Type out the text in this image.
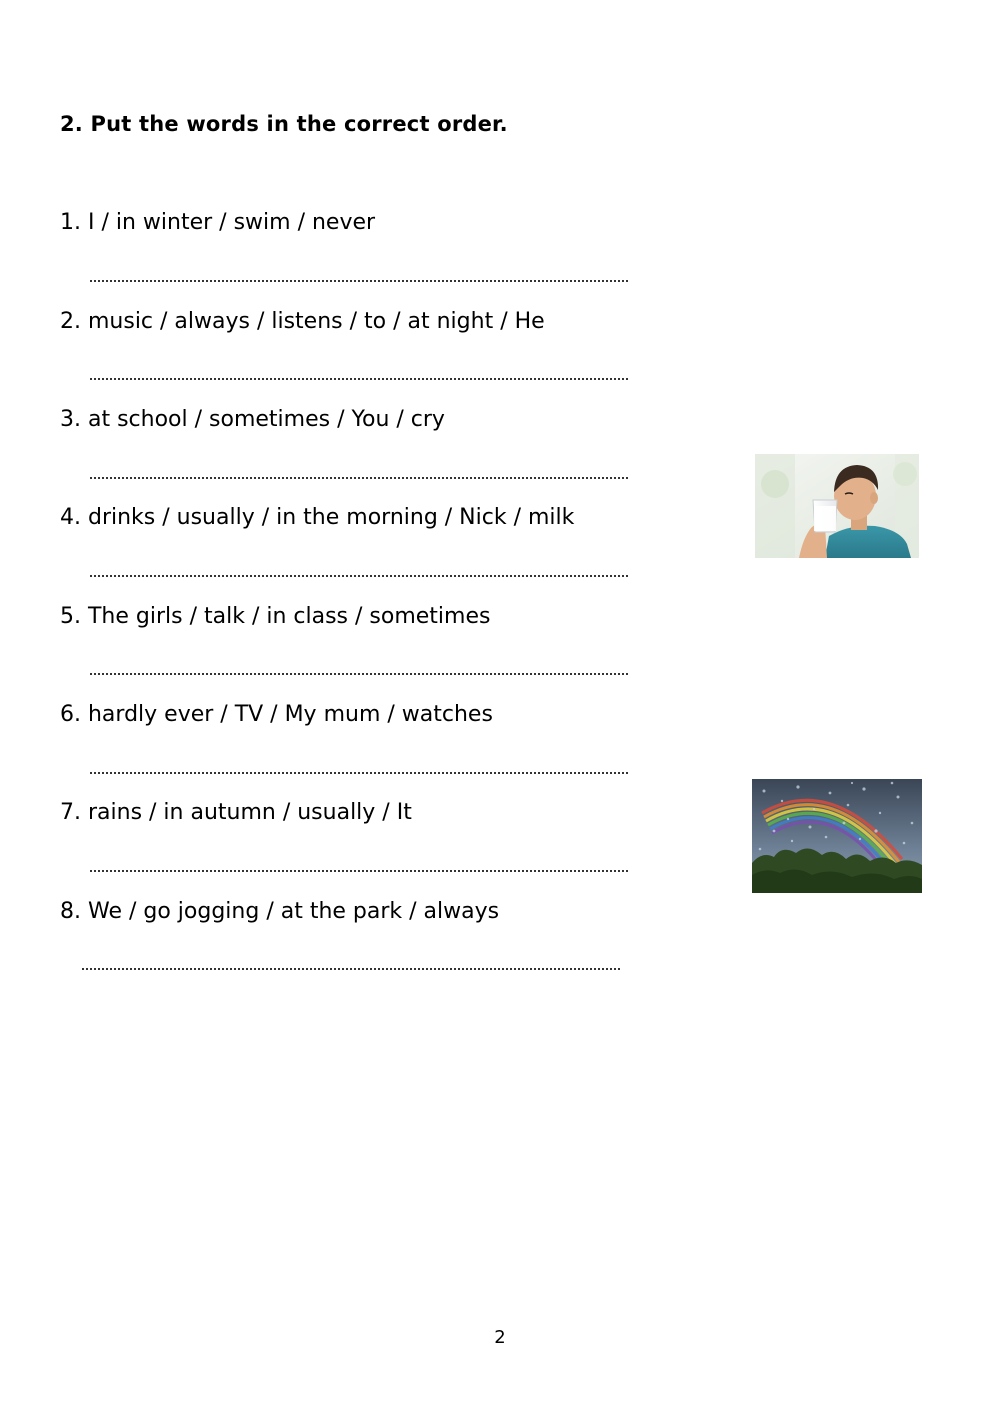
2. Put the words in the correct order.
1. I / in winter / swim / never
2. music / always / listens / to / at night / He
3. at school / sometimes / You / cry
4. drinks / usually / in the morning / Nick / milk
5. The girls / talk / in class / sometimes
6. hardly ever / TV / My mum / watches
7. rains / in autumn / usually / It
8. We / go jogging / at the park / always
2
